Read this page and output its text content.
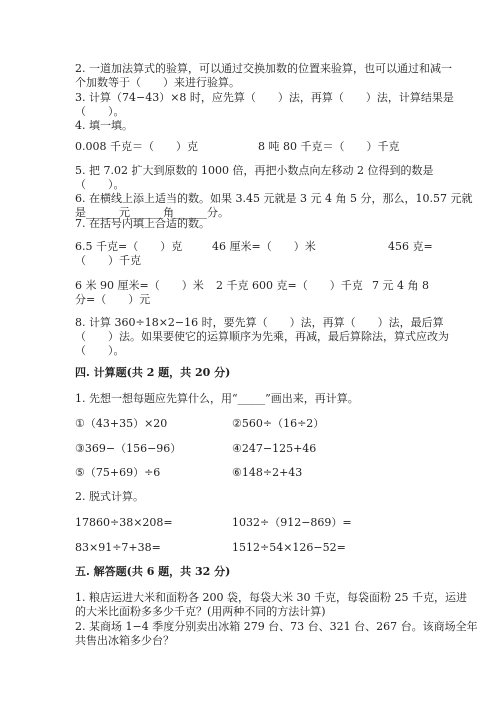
2. 一道加法算式的验算，可以通过交换加数的位置来验算，也可以通过和减一
个加数等于（　　）来进行验算。
3. 计算（74−43）×8 时，应先算（　　）法，再算（　　）法，计算结果是
（　　）。
4. 填一填。
0.008 千克＝（　　）克	8 吨 80 千克＝（　　）千克
5. 把 7.02 扩大到原数的 1000 倍，再把小数点向左移动 2 位得到的数是
（　　）。
6. 在横线上添上适当的数。如果 3.45 元就是 3 元 4 角 5 分，那么，10.57 元就
是______元______角______分。
7. 在括号内填上合适的数。
6.5 千克=（　　）克	46 厘米=（　　）米	456 克=
（　　）千克
6 米 90 厘米=（　　）米 2 千克 600 克=（　　）千克 7 元 4 角 8
分=（　　）元
8. 计算 360÷18×2−16 时，要先算（　　）法，再算（　　）法，最后算
（　　）法。如果要使它的运算顺序为先乘，再减，最后算除法，算式应改为
（　　）。
四. 计算题(共 2 题，共 20 分)
1. 先想一想每题应先算什么，用“_____”画出来，再计算。
①（43+35）×20	②560÷（16÷2）
③369−（156−96）	④247−125+46
⑤（75+69）÷6	⑥148÷2+43
2. 脱式计算。
17860÷38×208=	1032÷（912−869）=
83×91÷7+38=	1512÷54×126−52=
五. 解答题(共 6 题，共 32 分)
1. 粮店运进大米和面粉各 200 袋，每袋大米 30 千克，每袋面粉 25 千克，运进
的大米比面粉多多少千克？(用两种不同的方法计算)
2. 某商场 1−4 季度分别卖出冰箱 279 台、73 台、321 台、267 台。该商场全年
共售出冰箱多少台？
